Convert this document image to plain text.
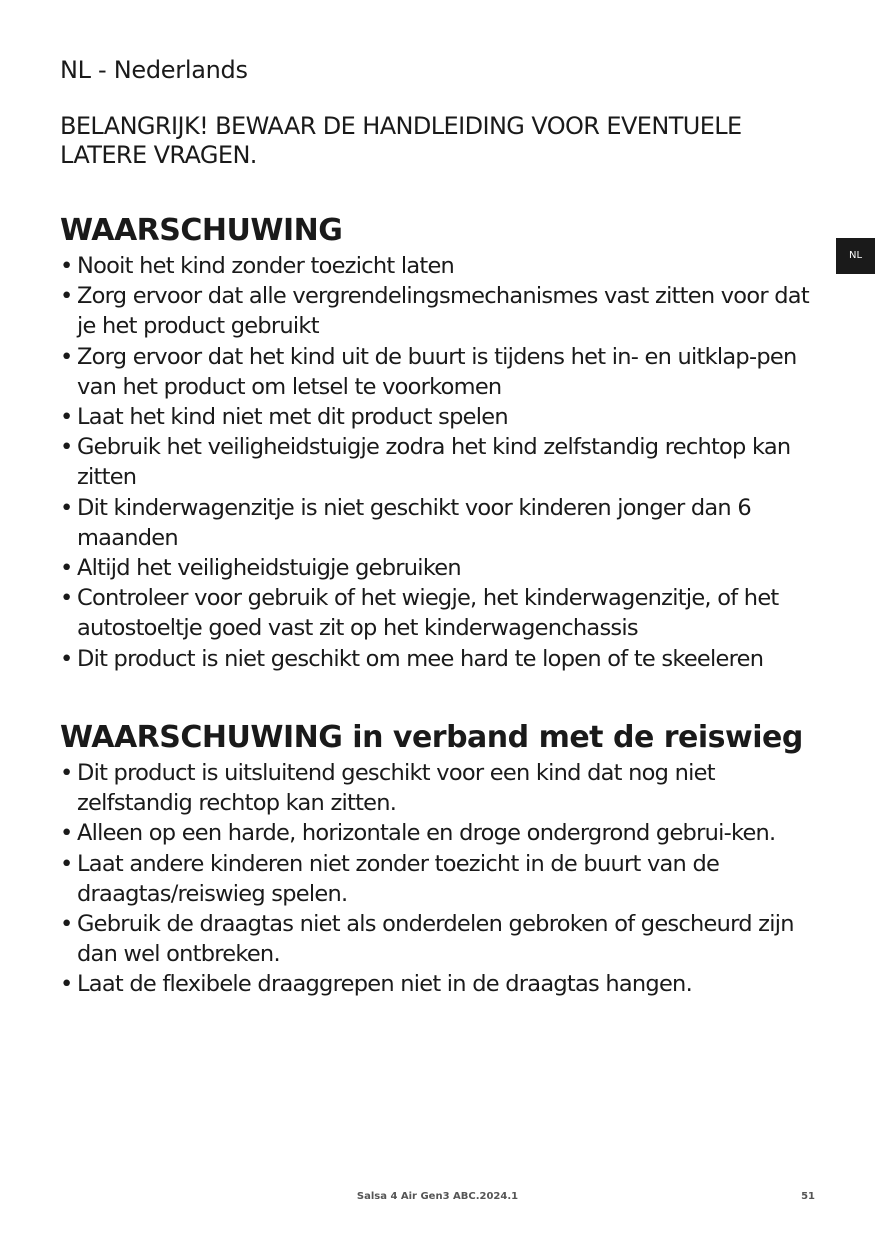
NL - Nederlands

BELANGRIJK! BEWAAR DE HANDLEIDING VOOR EVENTUELE LATERE VRAGEN.

NL
WAARSCHUWING
• Nooit het kind zonder toezicht laten
• Zorg ervoor dat alle vergrendelingsmechanismes vast zitten voor dat je het product gebruikt
• Zorg ervoor dat het kind uit de buurt is tijdens het in- en uitklap-pen van het product om letsel te voorkomen
• Laat het kind niet met dit product spelen
• Gebruik het veiligheidstuigje zodra het kind zelfstandig rechtop kan zitten
• Dit kinderwagenzitje is niet geschikt voor kinderen jonger dan 6 maanden
• Altijd het veiligheidstuigje gebruiken
• Controleer voor gebruik of het wiegje, het kinderwagenzitje, of het autostoeltje goed vast zit op het kinderwagenchassis
• Dit product is niet geschikt om mee hard te lopen of te skeeleren
WAARSCHUWING in verband met de reiswieg
• Dit product is uitsluitend geschikt voor een kind dat nog niet zelfstandig rechtop kan zitten.
• Alleen op een harde, horizontale en droge ondergrond gebrui-ken.
• Laat andere kinderen niet zonder toezicht in de buurt van de draagtas/reiswieg spelen.
• Gebruik de draagtas niet als onderdelen gebroken of gescheurd zijn dan wel ontbreken.
• Laat de flexibele draaggrepen niet in de draagtas hangen.
Salsa 4 Air Gen3 ABC.2024.1	51
